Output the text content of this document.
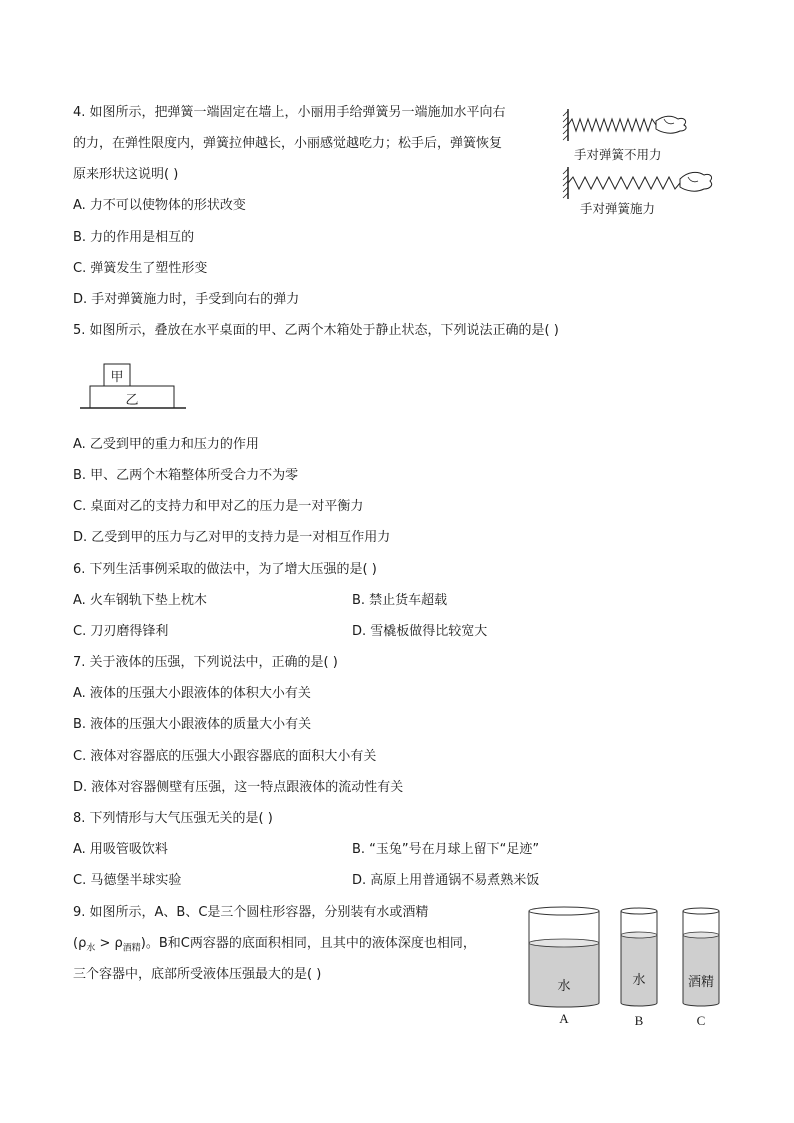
4. 如图所示，把弹簧一端固定在墙上，小丽用手给弹簧另一端施加水平向右
的力，在弹性限度内，弹簧拉伸越长，小丽感觉越吃力；松手后，弹簧恢复
原来形状这说明( )
A. 力不可以使物体的形状改变
B. 力的作用是相互的
C. 弹簧发生了塑性形变
D. 手对弹簧施力时，手受到向右的弹力
手对弹簧不用力
手对弹簧施力
5. 如图所示，叠放在水平桌面的甲、乙两个木箱处于静止状态，下列说法正确的是( )
甲
乙
A. 乙受到甲的重力和压力的作用
B. 甲、乙两个木箱整体所受合力不为零
C. 桌面对乙的支持力和甲对乙的压力是一对平衡力
D. 乙受到甲的压力与乙对甲的支持力是一对相互作用力
6. 下列生活事例采取的做法中，为了增大压强的是( )
A. 火车钢轨下垫上枕木	B. 禁止货车超载
C. 刀刃磨得锋利	D. 雪橇板做得比较宽大
7. 关于液体的压强，下列说法中，正确的是( )
A. 液体的压强大小跟液体的体积大小有关
B. 液体的压强大小跟液体的质量大小有关
C. 液体对容器底的压强大小跟容器底的面积大小有关
D. 液体对容器侧壁有压强，这一特点跟液体的流动性有关
8. 下列情形与大气压强无关的是( )
A. 用吸管吸饮料	B. “玉兔”号在月球上留下“足迹”
C. 马德堡半球实验	D. 高原上用普通锅不易煮熟米饭
9. 如图所示，A、B、C是三个圆柱形容器，分别装有水或酒精
$(\rho_水 > \rho_{酒精})$。B和C两容器的底面积相同，且其中的液体深度也相同，
三个容器中，底部所受液体压强最大的是( )
水	水	酒精
A	B	C
